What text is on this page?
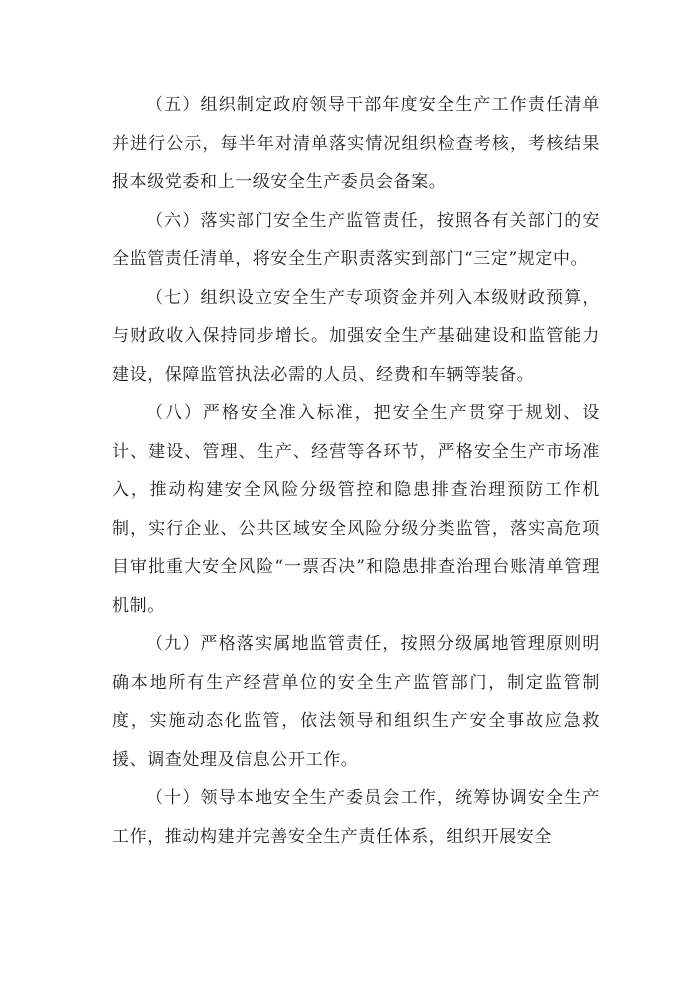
（五）组织制定政府领导干部年度安全生产工作责任清单并进行公示，每半年对清单落实情况组织检查考核，考核结果报本级党委和上一级安全生产委员会备案。

（六）落实部门安全生产监管责任，按照各有关部门的安全监管责任清单，将安全生产职责落实到部门“三定”规定中。

（七）组织设立安全生产专项资金并列入本级财政预算，与财政收入保持同步增长。加强安全生产基础建设和监管能力建设，保障监管执法必需的人员、经费和车辆等装备。

（八）严格安全准入标准，把安全生产贯穿于规划、设计、建设、管理、生产、经营等各环节，严格安全生产市场准入，推动构建安全风险分级管控和隐患排查治理预防工作机制，实行企业、公共区域安全风险分级分类监管，落实高危项目审批重大安全风险“一票否决”和隐患排查治理台账清单管理机制。

（九）严格落实属地监管责任，按照分级属地管理原则明确本地所有生产经营单位的安全生产监管部门，制定监管制度，实施动态化监管，依法领导和组织生产安全事故应急救援、调查处理及信息公开工作。

（十）领导本地安全生产委员会工作，统筹协调安全生产工作，推动构建并完善安全生产责任体系，组织开展安全
